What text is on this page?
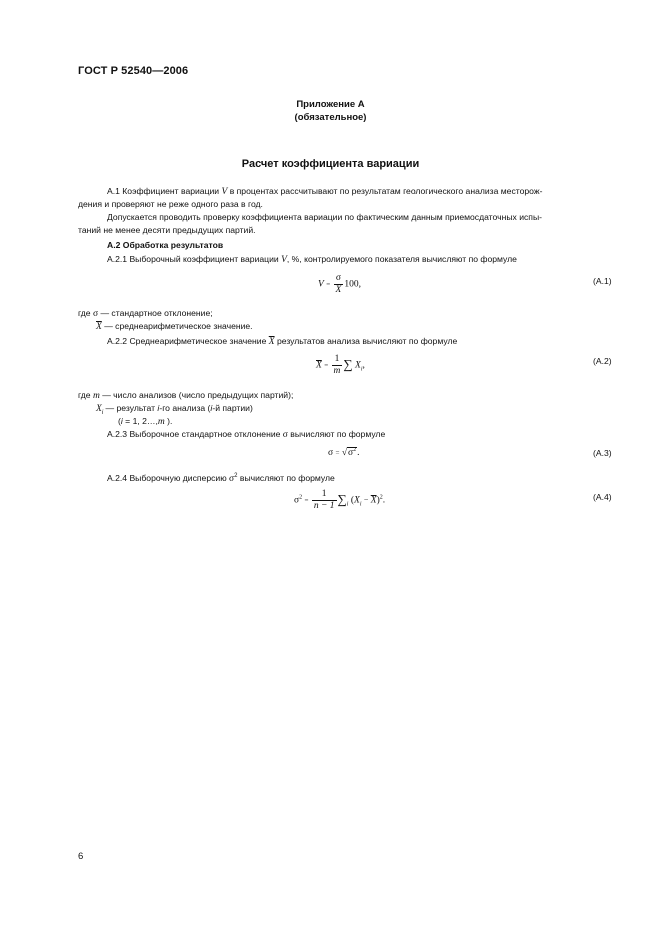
ГОСТ Р 52540—2006
Приложение А
(обязательное)
Расчет коэффициента вариации
А.1 Коэффициент вариации V в процентах рассчитывают по результатам геологического анализа месторож-
дения и проверяют не реже одного раза в год.
Допускается проводить проверку коэффициента вариации по фактическим данным приемосдаточных испы-
таний не менее десяти предыдущих партий.
А.2 Обработка результатов
А.2.1 Выборочный коэффициент вариации V, %, контролируемого показателя вычисляют по формуле
$V = \frac{\sigma}{X} 100$,	(А.1)
где σ — стандартное отклонение;
$\overline{X}$ — среднеарифметическое значение.
А.2.2 Среднеарифметическое значение $\overline{X}$ результатов анализа вычисляют по формуле
$\overline{X} = \frac{1}{m}$ ∑ $X_i$,	(А.2)
где m — число анализов (число предыдущих партий);
$X_i$ — результат i-го анализа (i-й партии)
(i = 1, 2…,m ).
А.2.3 Выборочное стандартное отклонение σ вычисляют по формуле
$\sigma = √\sigma^2$.	(А.3)
А.2.4 Выборочную дисперсию $\sigma^2$ вычисляют по формуле
$\sigma^2 = \frac{1}{n - 1} \sum_i$ $(X_i - \overline{X})^2$.	(А.4)
6
